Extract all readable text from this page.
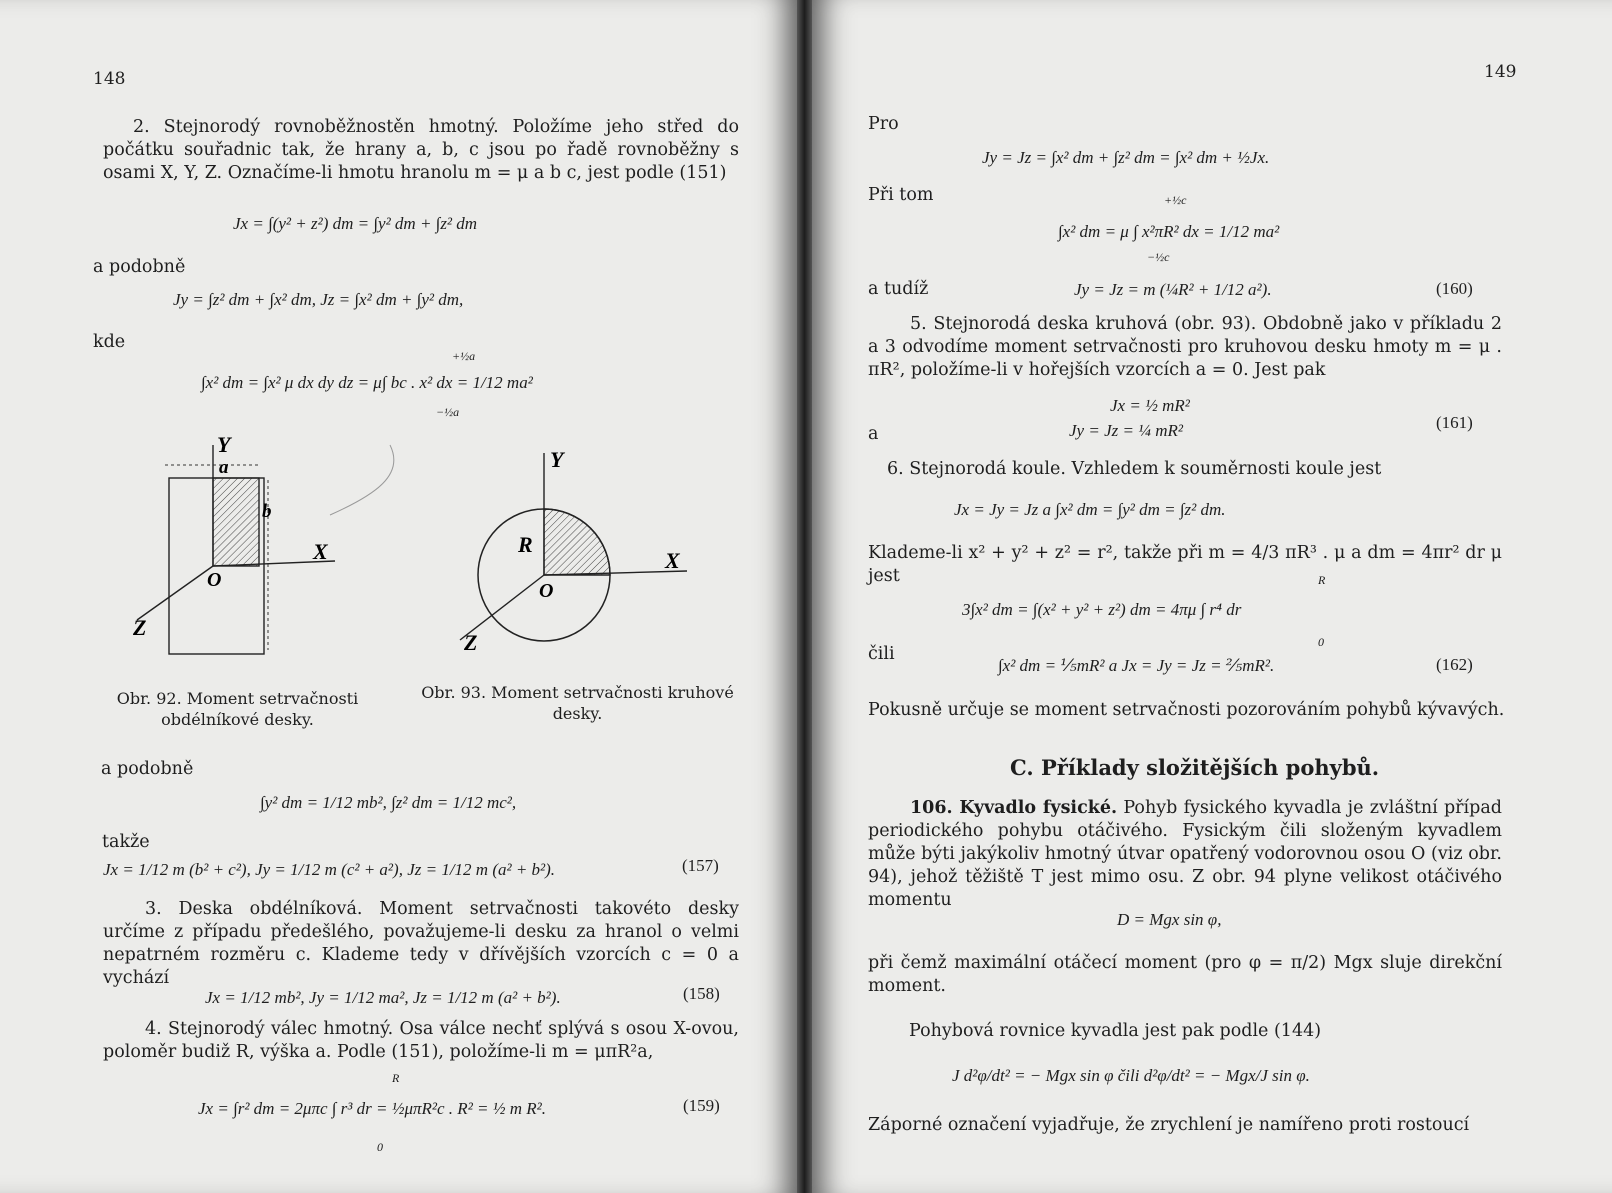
148
2. Stejnorodý rovnoběžnostěn hmotný. Položíme jeho střed do počátku souřadnic tak, že hrany a, b, c jsou po řadě rovnoběžny s osami X, Y, Z. Označíme-li hmotu hranolu m = μ a b c, jest podle (151)
Jx = ∫(y² + z²) dm = ∫y² dm + ∫z² dm
a podobně
Jy = ∫z² dm + ∫x² dm, Jz = ∫x² dm + ∫y² dm,
kde
+½a
∫x² dm = ∫x² μ dx dy dz = μ∫ bc . x² dx = 1/12 ma²
−½a
Y
a
b
X
O
Z
Y
R
X
O
Z
Obr. 92. Moment setrvačnosti obdélníkové desky.
Obr. 93. Moment setrvačnosti kruhové desky.
a podobně
∫y² dm = 1/12 mb², ∫z² dm = 1/12 mc²,
takže
Jx = 1/12 m (b² + c²), Jy = 1/12 m (c² + a²), Jz = 1/12 m (a² + b²).	(157)
3. Deska obdélníková. Moment setrvačnosti takovéto desky určíme z případu předešlého, považujeme-li desku za hranol o velmi nepatrném rozměru c. Klademe tedy v dřívějších vzorcích c = 0 a vychází
Jx = 1/12 mb², Jy = 1/12 ma², Jz = 1/12 m (a² + b²).	(158)
4. Stejnorodý válec hmotný. Osa válce nechť splývá s osou X-ovou, poloměr budiž R, výška a. Podle (151), položíme-li m = μπR²a,
R
Jx = ∫r² dm = 2μπc ∫ r³ dr = ½μπR²c . R² = ½ m R².
0
(159)
149
Pro
Jy = Jz = ∫x² dm + ∫z² dm = ∫x² dm + ½Jx.
Při tom	+½c
∫x² dm = μ ∫ x²πR² dx = 1/12 ma²
−½c
a tudíž	Jy = Jz = m (¼R² + 1/12 a²).	(160)
5. Stejnorodá deska kruhová (obr. 93). Obdobně jako v příkladu 2 a 3 odvodíme moment setrvačnosti pro kruhovou desku hmoty m = μ . πR², položíme-li v hořejších vzorcích a = 0. Jest pak
Jx = ½ mR²
a	Jy = Jz = ¼ mR²	(161)
6. Stejnorodá koule. Vzhledem k souměrnosti koule jest
Jx = Jy = Jz a ∫x² dm = ∫y² dm = ∫z² dm.
Klademe-li x² + y² + z² = r², takže při m = 4/3 πR³ . μ a dm = 4πr² dr μ jest	R
3∫x² dm = ∫(x² + y² + z²) dm = 4πμ ∫ r⁴ dr
0
čili
∫x² dm = ⅕mR² a Jx = Jy = Jz = ⅖mR².	(162)
Pokusně určuje se moment setrvačnosti pozorováním pohybů kývavých.
C. Příklady složitějších pohybů.
106. Kyvadlo fysické. Pohyb fysického kyvadla je zvláštní případ periodického pohybu otáčivého. Fysickým čili složeným kyvadlem může býti jakýkoliv hmotný útvar opatřený vodorovnou osou O (viz obr. 94), jehož těžiště T jest mimo osu. Z obr. 94 plyne velikost otáčivého momentu
D = Mgx sin φ,
při čemž maximální otáčecí moment (pro φ = π/2) Mgx sluje direkční moment.
Pohybová rovnice kyvadla jest pak podle (144)
J d²φ/dt² = − Mgx sin φ čili d²φ/dt² = − Mgx/J sin φ.
Záporné označení vyjadřuje, že zrychlení je namířeno proti rostoucí
